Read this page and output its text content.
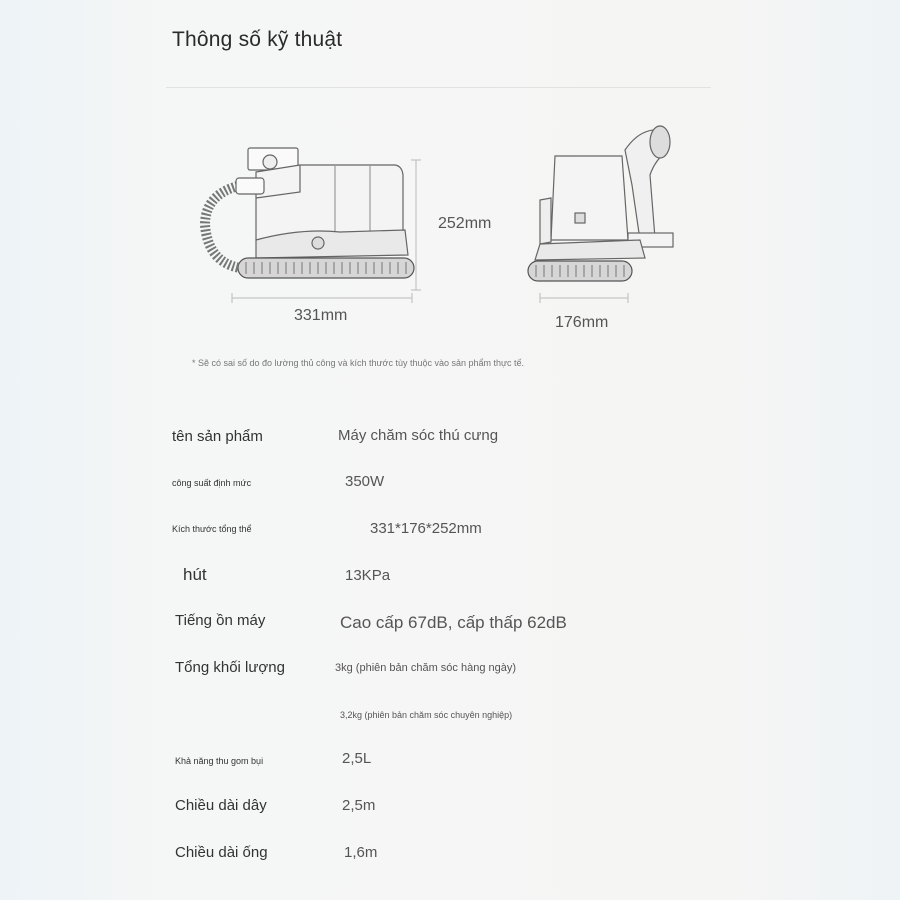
Thông số kỹ thuật
252mm
331mm	176mm
* Sẽ có sai số do đo lường thủ công và kích thước tùy thuộc vào sản phẩm thực tế.
tên sản phẩm	Máy chăm sóc thú cưng
công suất định mức	350W
Kích thước tổng thể	331*176*252mm
hút	13KPa
Tiếng ồn máy	Cao cấp 67dB, cấp thấp 62dB
Tổng khối lượng	3kg (phiên bản chăm sóc hàng ngày)
3,2kg (phiên bản chăm sóc chuyên nghiệp)
Khả năng thu gom bụi	2,5L
Chiều dài dây	2,5m
Chiều dài ống	1,6m
